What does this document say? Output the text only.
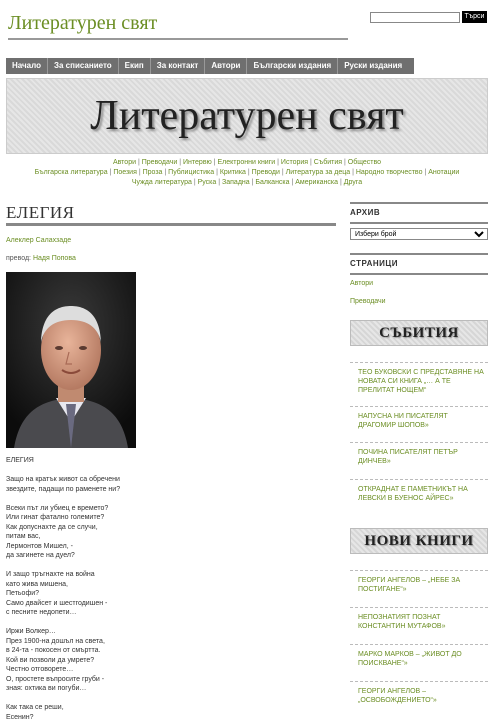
Литературен свят	Търси
Начало	За списанието	Екип	За контакт	Автори	Български издания	Руски издания
Литературен свят
Автори | Преводачи | Интервю | Електронни книги | История | Събития | Общество
Българска литература | Поезия | Проза | Публицистика | Критика | Преводи | Литература за деца | Народно творчество | Анотации
Чужда литература | Руска | Западна | Балканска | Американска | Друга
ЕЛЕГИЯ
Алеклер Салахзаде
превод: Надя Попова
ЕЛЕГИЯ
Защо на кратък живот са обречени
звездите, падащи по раменете ни?
Всеки път ли убиец е времето?
Или гинат фатално големите?
Как допуснахте да се случи,
питам вас,
Лермонтов Мишел, -
да загинете на дуел?
И защо тръгнахте на война
като жива мишена,
Петьофи?
Само двайсет и шестгодишен -
с песните недопети…
Иржи Волкер…
През 1900-на дошъл на света,
в 24-та - покосен от смъртта.
Кой ви позволи да умрете?
Честно отговорете…
О, простете въпросите груби -
зная: охтика ви погуби…
Как така се реши,
Есенин?
АРХИВ
Избери брой
СТРАНИЦИ
Автори
Преводачи
СЪБИТИЯ
ТЕО БУКОВСКИ С ПРЕДСТАВЯНЕ НА НОВАТА СИ КНИГА „… А ТЕ ПРЕЛИТАТ НОЩЕМ“
НАПУСНА НИ ПИСАТЕЛЯТ ДРАГОМИР ШОПОВ»
ПОЧИНА ПИСАТЕЛЯТ ПЕТЪР ДИНЧЕВ»
ОТКРАДНАТ Е ПАМЕТНИКЪТ НА ЛЕВСКИ В БУЕНОС АЙРЕС»
НОВИ КНИГИ
ГЕОРГИ АНГЕЛОВ – „НЕБЕ ЗА ПОСТИГАНЕ“»
НЕПОЗНАТИЯТ ПОЗНАТ КОНСТАНТИН МУТАФОВ»
МАРКО МАРКОВ – „ЖИВОТ ДО ПОИСКВАНЕ“»
ГЕОРГИ АНГЕЛОВ – „ОСВОБОЖДЕНИЕТО“»
